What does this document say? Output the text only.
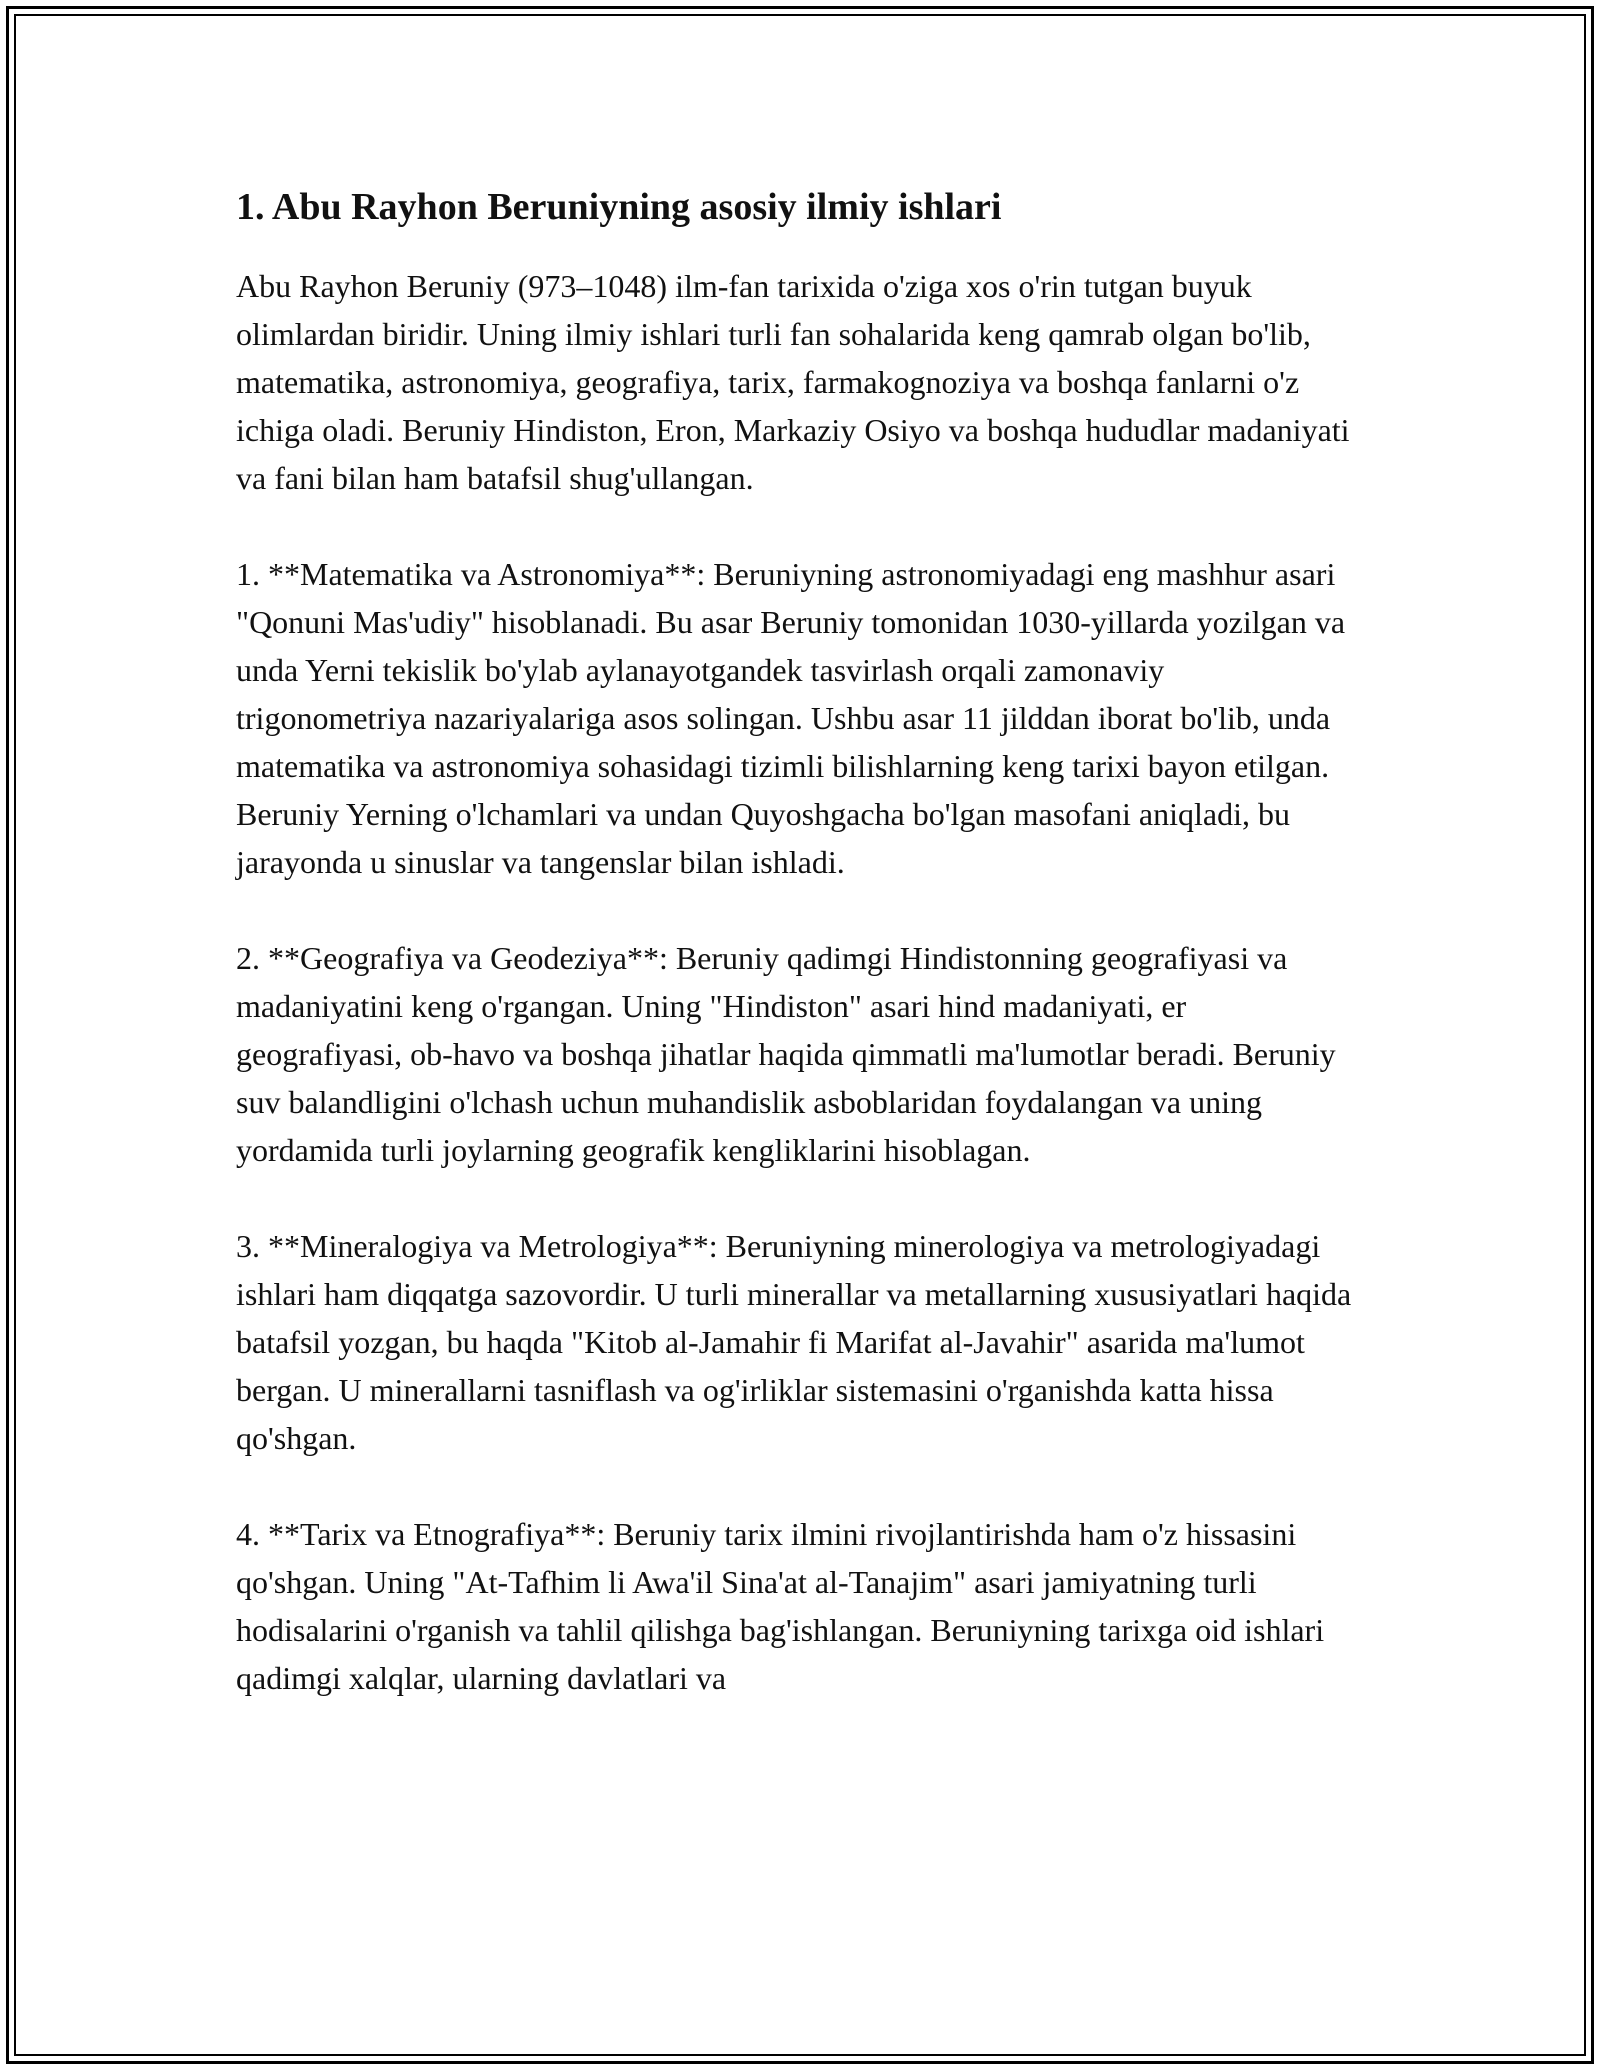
1. Abu Rayhon Beruniyning asosiy ilmiy ishlari

Abu Rayhon Beruniy (973–1048) ilm-fan tarixida o'ziga xos o'rin tutgan buyuk olimlardan biridir. Uning ilmiy ishlari turli fan sohalarida keng qamrab olgan bo'lib, matematika, astronomiya, geografiya, tarix, farmakognoziya va boshqa fanlarni o'z ichiga oladi. Beruniy Hindiston, Eron, Markaziy Osiyo va boshqa hududlar madaniyati va fani bilan ham batafsil shug'ullangan.

1. **Matematika va Astronomiya**: Beruniyning astronomiyadagi eng mashhur asari "Qonuni Mas'udiy" hisoblanadi. Bu asar Beruniy tomonidan 1030-yillarda yozilgan va unda Yerni tekislik bo'ylab aylanayotgandek tasvirlash orqali zamonaviy trigonometriya nazariyalariga asos solingan. Ushbu asar 11 jilddan iborat bo'lib, unda matematika va astronomiya sohasidagi tizimli bilishlarning keng tarixi bayon etilgan. Beruniy Yerning o'lchamlari va undan Quyoshgacha bo'lgan masofani aniqladi, bu jarayonda u sinuslar va tangenslar bilan ishladi.

2. **Geografiya va Geodeziya**: Beruniy qadimgi Hindistonning geografiyasi va madaniyatini keng o'rgangan. Uning "Hindiston" asari hind madaniyati, er geografiyasi, ob-havo va boshqa jihatlar haqida qimmatli ma'lumotlar beradi. Beruniy suv balandligini o'lchash uchun muhandislik asboblaridan foydalangan va uning yordamida turli joylarning geografik kengliklarini hisoblagan.

3. **Mineralogiya va Metrologiya**: Beruniyning minerologiya va metrologiyadagi ishlari ham diqqatga sazovordir. U turli minerallar va metallarning xususiyatlari haqida batafsil yozgan, bu haqda "Kitob al-Jamahir fi Marifat al-Javahir" asarida ma'lumot bergan. U minerallarni tasniflash va og'irliklar sistemasini o'rganishda katta hissa qo'shgan.

4. **Tarix va Etnografiya**: Beruniy tarix ilmini rivojlantirishda ham o'z hissasini qo'shgan. Uning "At-Tafhim li Awa'il Sina'at al-Tanajim" asari jamiyatning turli hodisalarini o'rganish va tahlil qilishga bag'ishlangan. Beruniyning tarixga oid ishlari qadimgi xalqlar, ularning davlatlari va
